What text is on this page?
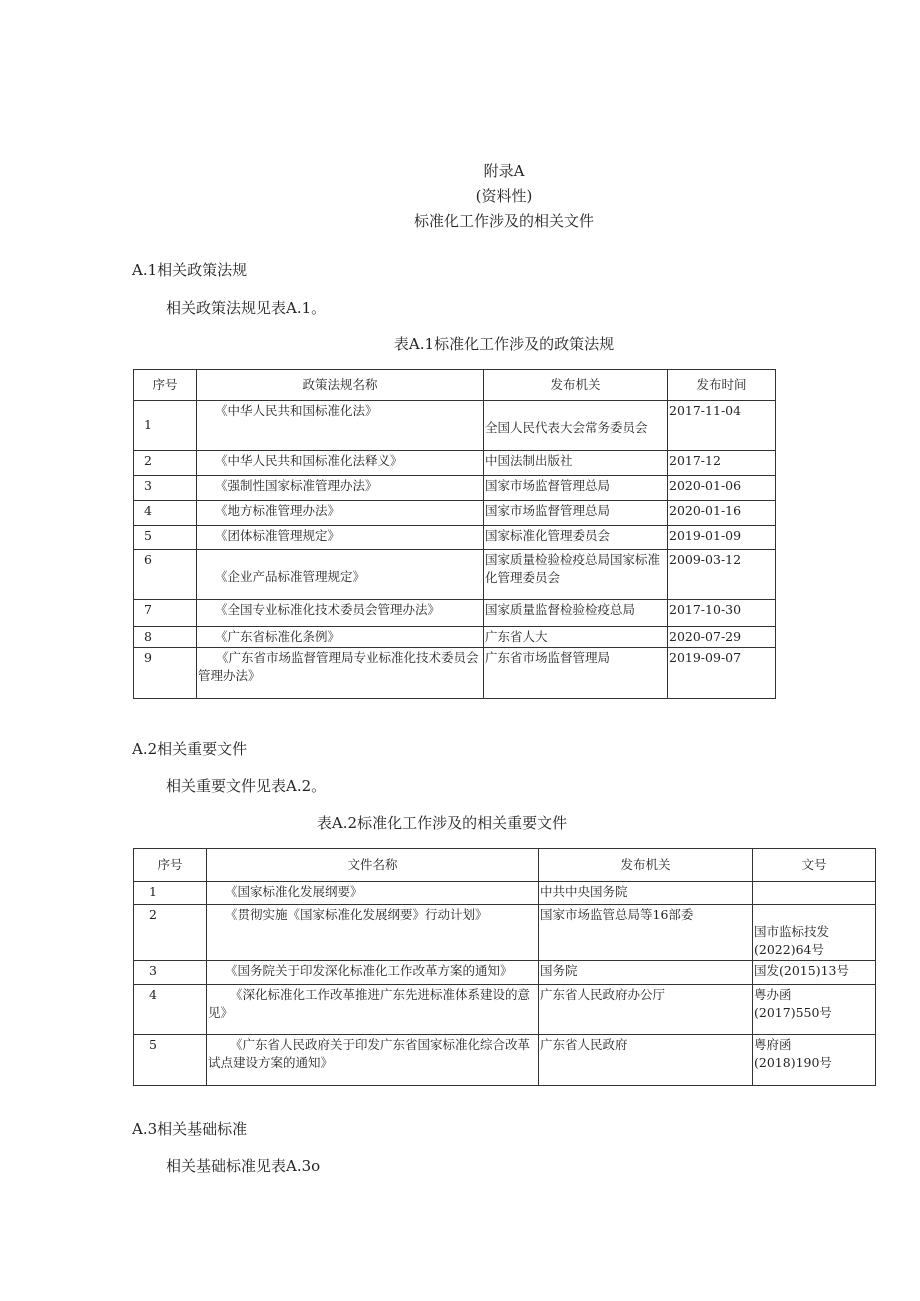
附录A
(资料性)
标准化工作涉及的相关文件
A.1相关政策法规
相关政策法规见表A.1。
表A.1标准化工作涉及的政策法规
序号	政策法规名称	发布机关	发布时间
1	《中华人民共和国标准化法》	全国人民代表大会常务委员会	2017-11-04
2	《中华人民共和国标准化法释义》	中国法制出版社	2017-12
3	《强制性国家标准管理办法》	国家市场监督管理总局	2020-01-06
4	《地方标准管理办法》	国家市场监督管理总局	2020-01-16
5	《团体标准管理规定》	国家标准化管理委员会	2019-01-09
6	《企业产品标准管理规定》	国家质量检验检疫总局国家标准化管理委员会	2009-03-12
7	《全国专业标准化技术委员会管理办法》	国家质量监督检验检疫总局	2017-10-30
8	《广东省标准化条例》	广东省人大	2020-07-29
9	《广东省市场监督管理局专业标准化技术委员会管理办法》	广东省市场监督管理局	2019-09-07
A.2相关重要文件
相关重要文件见表A.2。
表A.2标准化工作涉及的相关重要文件
序号	文件名称	发布机关	文号
1	《国家标准化发展纲要》	中共中央国务院	
2	《贯彻实施《国家标准化发展纲要》行动计划》	国家市场监管总局等16部委	国市监标技发(2022)64号
3	《国务院关于印发深化标准化工作改革方案的通知》	国务院	国发(2015)13号
4	《深化标准化工作改革推进广东先进标准体系建设的意见》	广东省人民政府办公厅	粤办函(2017)550号
5	《广东省人民政府关于印发广东省国家标准化综合改革试点建设方案的通知》	广东省人民政府	粤府函(2018)190号
A.3相关基础标准
相关基础标准见表A.3o
